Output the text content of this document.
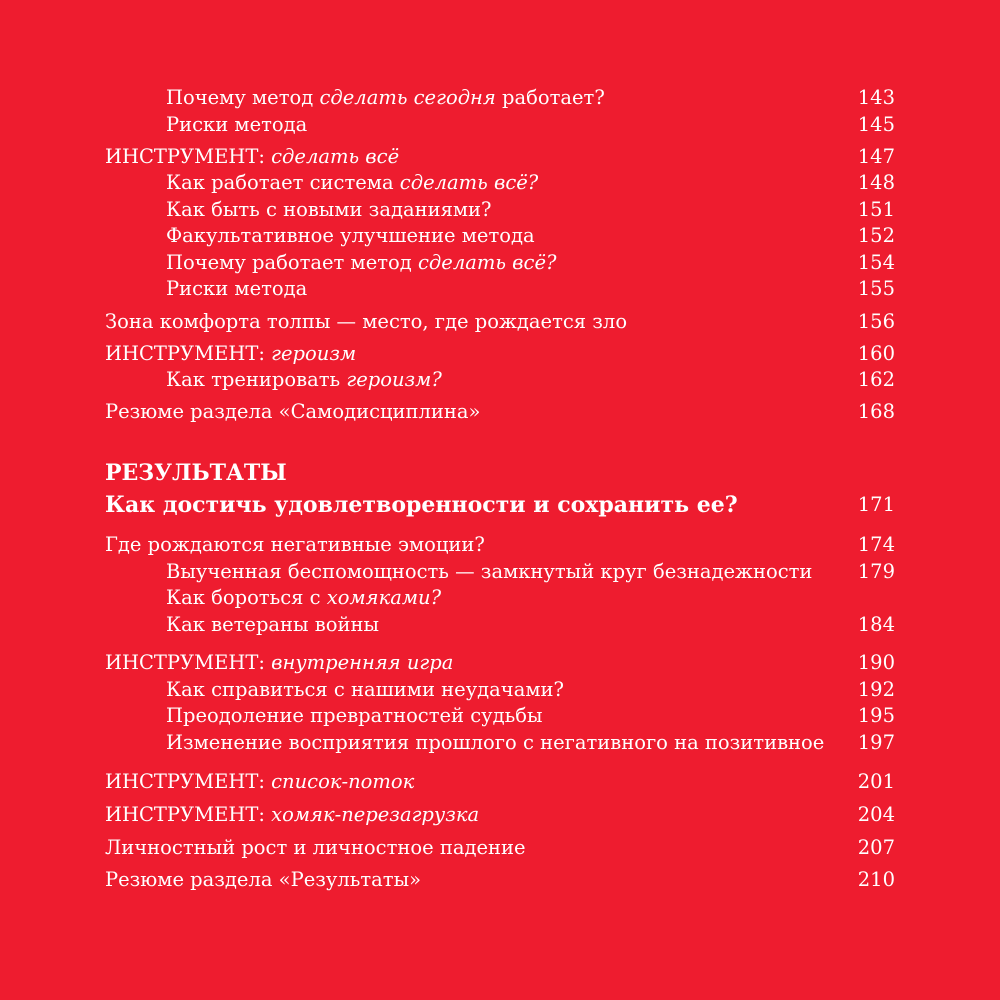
Почему метод сделать сегодня работает?	143
Риски метода	145
ИНСТРУМЕНТ: сделать всё	147
Как работает система сделать всё?	148
Как быть с новыми заданиями?	151
Факультативное улучшение метода	152
Почему работает метод сделать всё?	154
Риски метода	155
Зона комфорта толпы — место, где рождается зло	156
ИНСТРУМЕНТ: героизм	160
Как тренировать героизм?	162
Резюме раздела «Самодисциплина»	168
РЕЗУЛЬТАТЫ
Как достичь удовлетворенности и сохранить ее?	171
Где рождаются негативные эмоции?	174
Выученная беспомощность — замкнутый круг безнадежности 179
Как бороться с хомяками?
Как ветераны войны	184
ИНСТРУМЕНТ: внутренняя игра	190
Как справиться с нашими неудачами?	192
Преодоление превратностей судьбы	195
Изменение восприятия прошлого с негативного на позитивное 197
ИНСТРУМЕНТ: список-поток	201
ИНСТРУМЕНТ: хомяк-перезагрузка	204
Личностный рост и личностное падение	207
Резюме раздела «Результаты»	210
